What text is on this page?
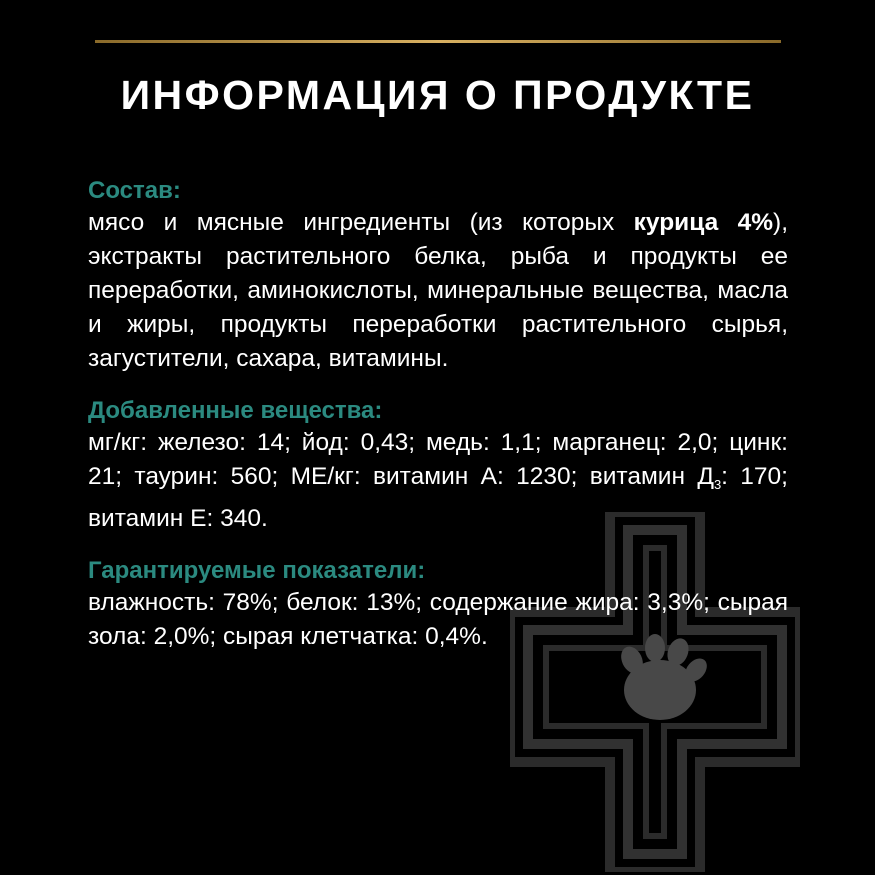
ИНФОРМАЦИЯ О ПРОДУКТЕ
Состав:
мясо и мясные ингредиенты (из которых курица 4%), экстракты растительного белка, рыба и продукты ее переработки, аминокислоты, минеральные вещества, масла и жиры, продукты переработки растительного сырья, загустители, сахара, витамины.
Добавленные вещества:
мг/кг: железо: 14; йод: 0,43; медь: 1,1; марганец: 2,0; цинк: 21; таурин: 560; МЕ/кг: витамин А: 1230; витамин $Д_3$: 170; витамин Е: 340.
Гарантируемые показатели:
влажность: 78%; белок: 13%; содержание жира: 3,3%; сырая зола: 2,0%; сырая клетчатка: 0,4%.
